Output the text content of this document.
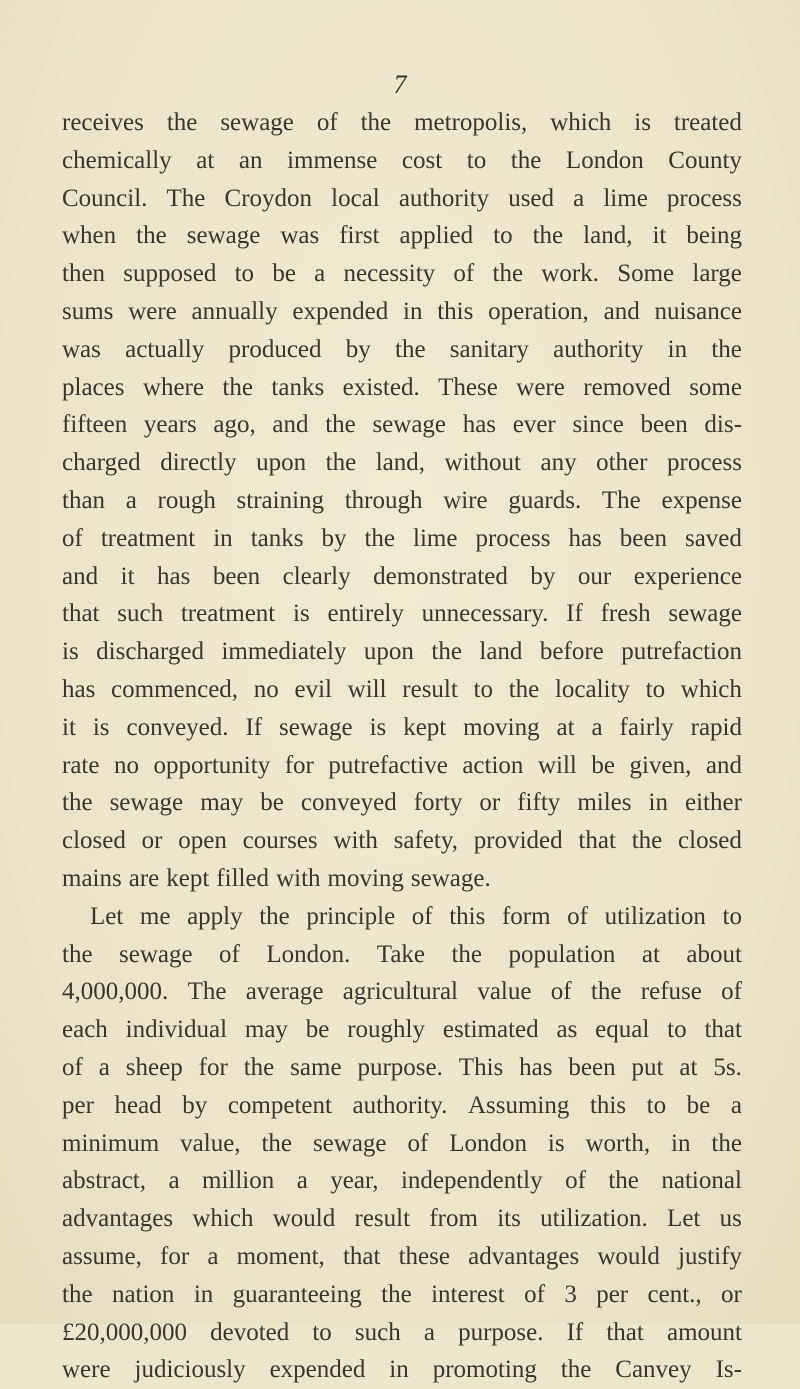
7
receives the sewage of the metropolis, which is treated
chemically at an immense cost to the London County
Council. The Croydon local authority used a lime process
when the sewage was first applied to the land, it being
then supposed to be a necessity of the work. Some large
sums were annually expended in this operation, and nuisance
was actually produced by the sanitary authority in the
places where the tanks existed. These were removed some
fifteen years ago, and the sewage has ever since been dis-
charged directly upon the land, without any other process
than a rough straining through wire guards. The expense
of treatment in tanks by the lime process has been saved
and it has been clearly demonstrated by our experience
that such treatment is entirely unnecessary. If fresh sewage
is discharged immediately upon the land before putrefaction
has commenced, no evil will result to the locality to which
it is conveyed. If sewage is kept moving at a fairly rapid
rate no opportunity for putrefactive action will be given, and
the sewage may be conveyed forty or fifty miles in either
closed or open courses with safety, provided that the closed
mains are kept filled with moving sewage.
Let me apply the principle of this form of utilization to
the sewage of London. Take the population at about
4,000,000. The average agricultural value of the refuse of
each individual may be roughly estimated as equal to that
of a sheep for the same purpose. This has been put at 5s.
per head by competent authority. Assuming this to be a
minimum value, the sewage of London is worth, in the
abstract, a million a year, independently of the national
advantages which would result from its utilization. Let us
assume, for a moment, that these advantages would justify
the nation in guaranteeing the interest of 3 per cent., or
£20,000,000 devoted to such a purpose. If that amount
were judiciously expended in promoting the Canvey Is-
